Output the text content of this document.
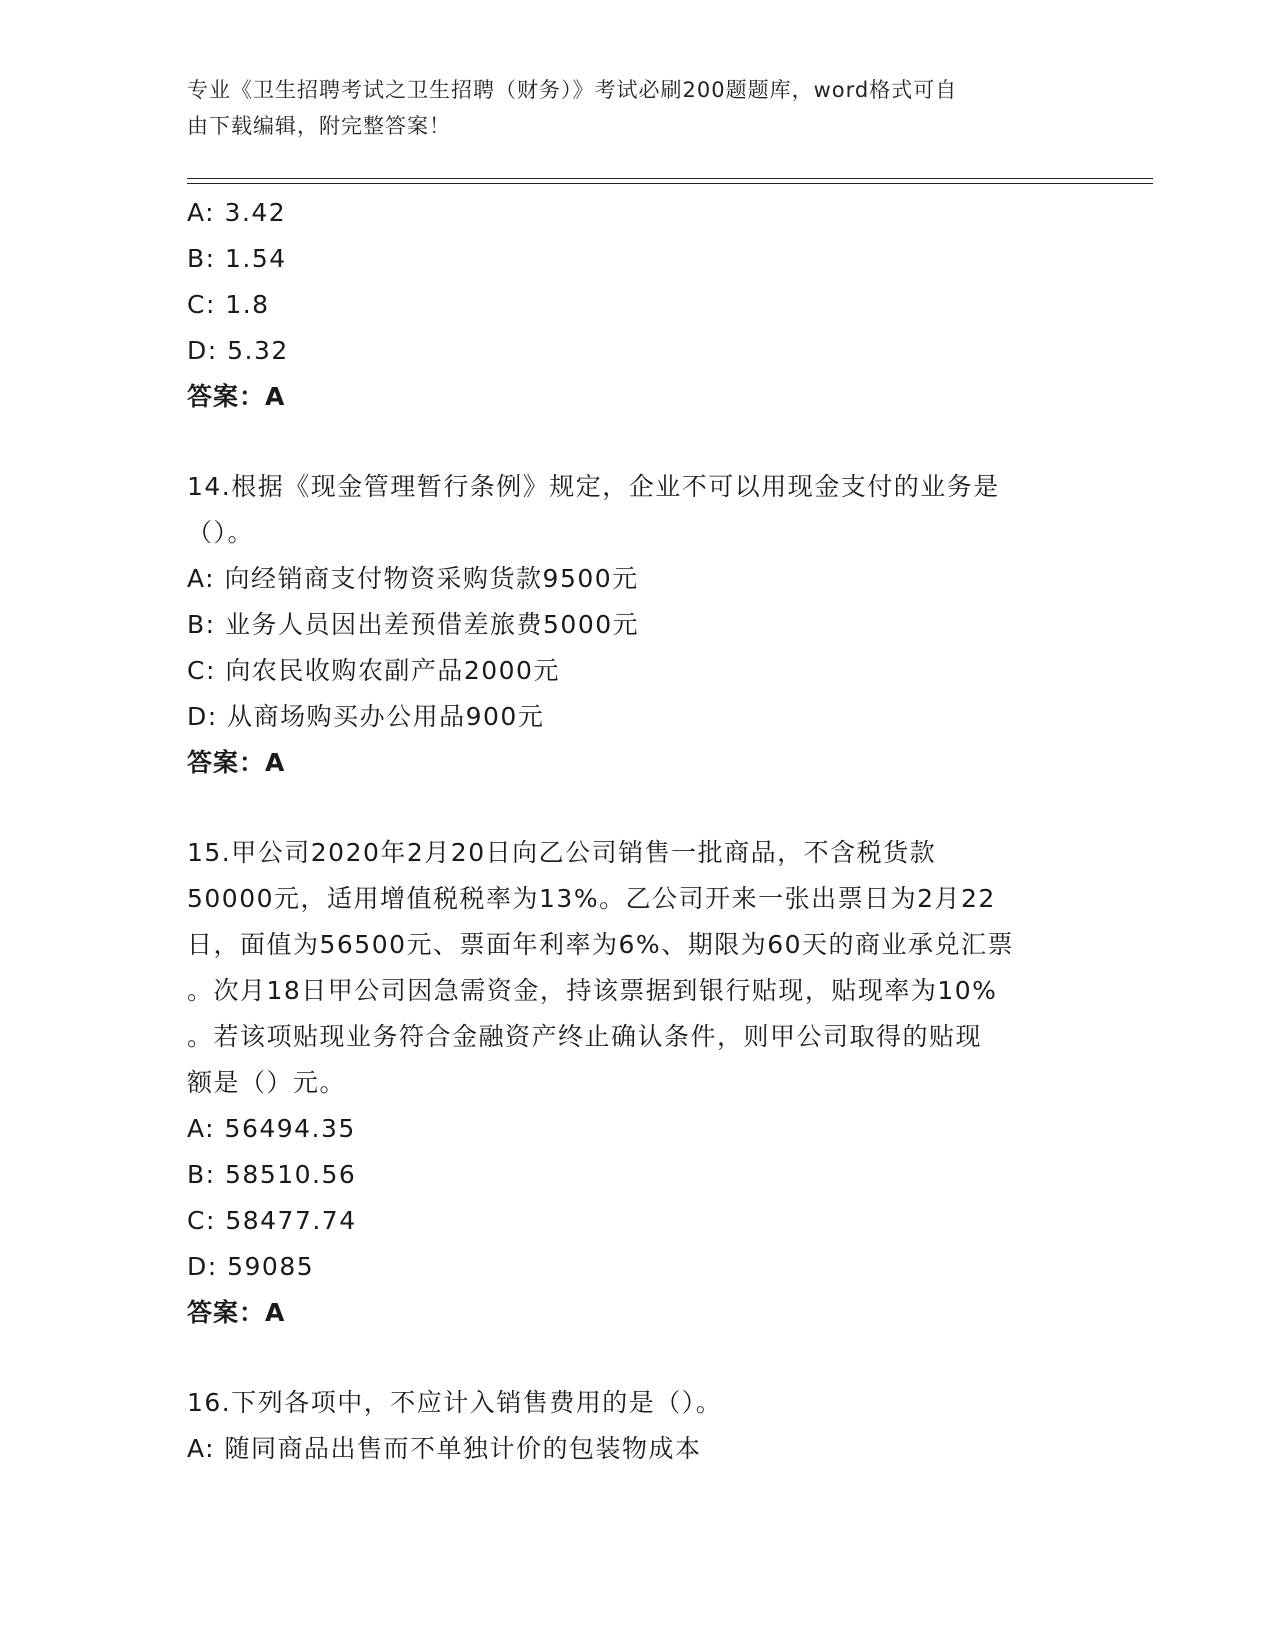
专业《卫生招聘考试之卫生招聘（财务）》考试必刷200题题库，word格式可自
由下载编辑，附完整答案！
A: 3.42
B: 1.54
C: 1.8
D: 5.32
答案：A
14.根据《现金管理暂行条例》规定，企业不可以用现金支付的业务是
（）。
A: 向经销商支付物资采购货款9500元
B: 业务人员因出差预借差旅费5000元
C: 向农民收购农副产品2000元
D: 从商场购买办公用品900元
答案：A
15.甲公司2020年2月20日向乙公司销售一批商品，不含税货款
50000元，适用增值税税率为13%。乙公司开来一张出票日为2月22
日，面值为56500元、票面年利率为6%、期限为60天的商业承兑汇票
。次月18日甲公司因急需资金，持该票据到银行贴现，贴现率为10%
。若该项贴现业务符合金融资产终止确认条件，则甲公司取得的贴现
额是（）元。
A: 56494.35
B: 58510.56
C: 58477.74
D: 59085
答案：A
16.下列各项中，不应计入销售费用的是（）。
A: 随同商品出售而不单独计价的包装物成本
